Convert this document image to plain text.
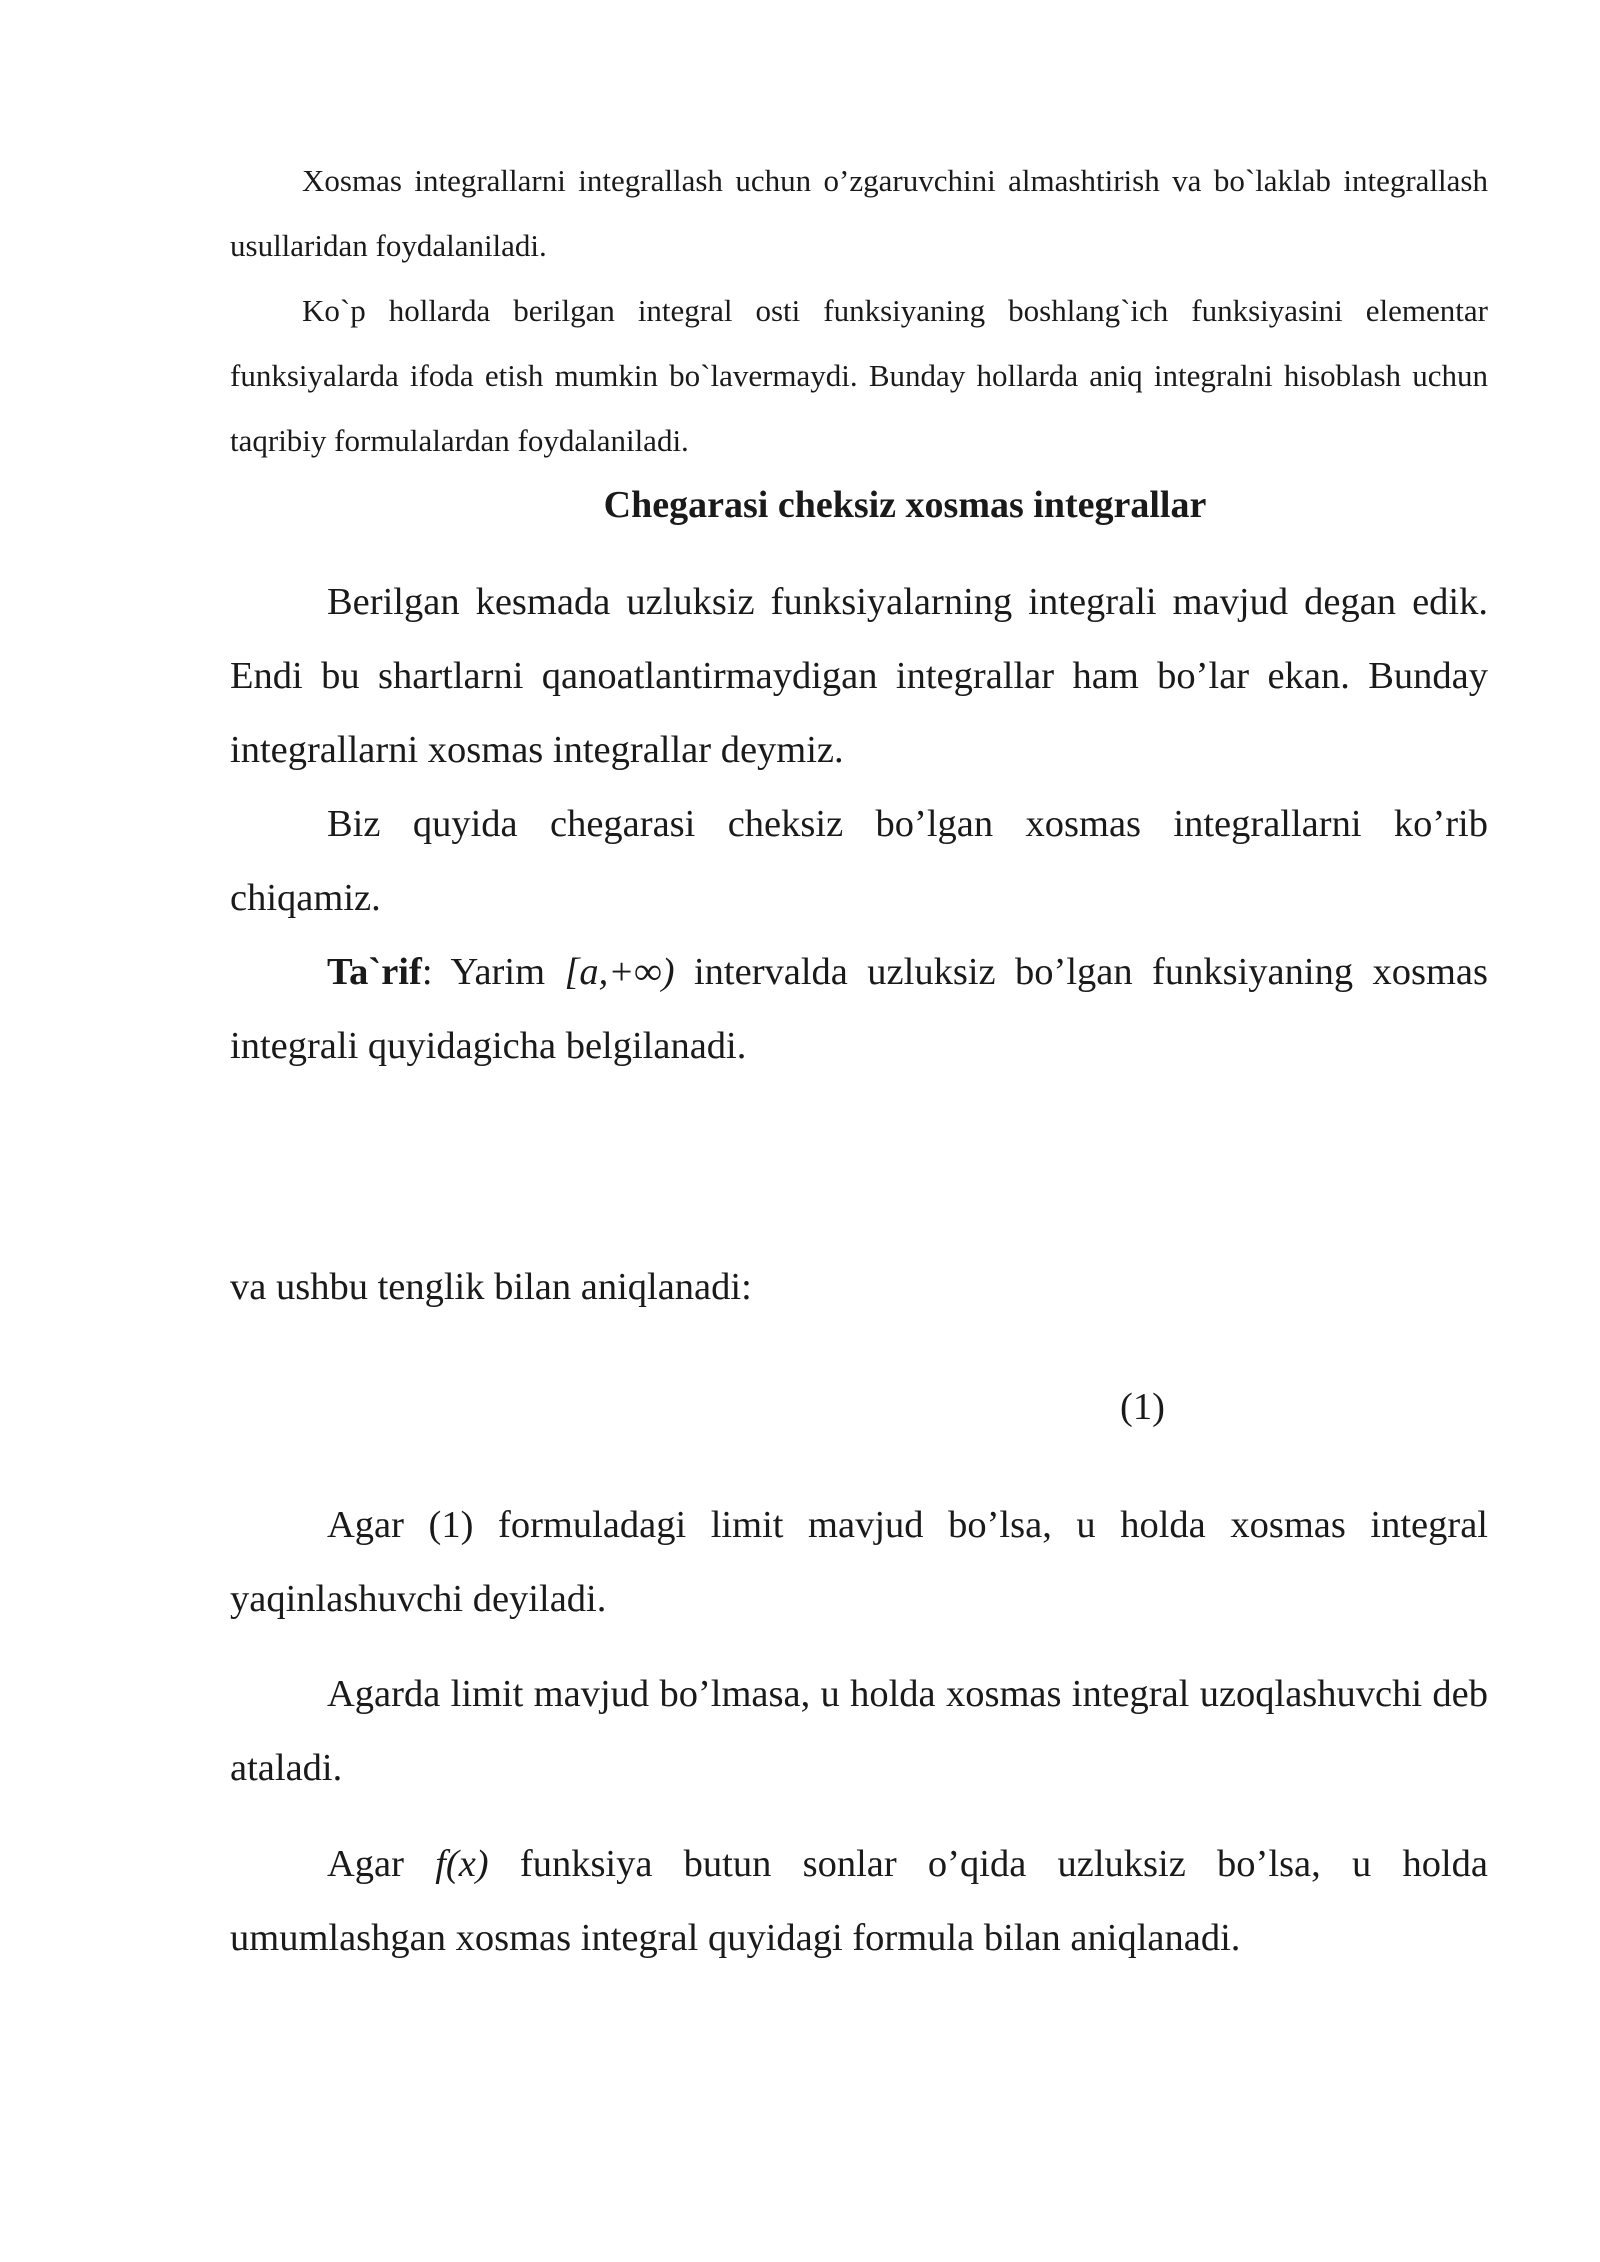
Xosmas integrallarni integrallash uchun o’zgaruvchini almashtirish va bo`laklab integrallash usullaridan foydalaniladi.

Ko`p hollarda berilgan integral osti funksiyaning boshlang`ich funksiyasini elementar funksiyalarda ifoda etish mumkin bo`lavermaydi. Bunday hollarda aniq integralni hisoblash uchun taqribiy formulalardan foydalaniladi.

Chegarasi cheksiz xosmas integrallar

Berilgan kesmada uzluksiz funksiyalarning integrali mavjud degan edik. Endi bu shartlarni qanoatlantirmaydigan integrallar ham bo’lar ekan. Bunday integrallarni xosmas integrallar deymiz.

Biz quyida chegarasi cheksiz bo’lgan xosmas integrallarni ko’rib chiqamiz.

Ta`rif: Yarim [a,+∞) intervalda uzluksiz bo’lgan funksiyaning xosmas integrali quyidagicha belgilanadi.

va ushbu tenglik bilan aniqlanadi:

(1)

Agar (1) formuladagi limit mavjud bo’lsa, u holda xosmas integral yaqinlashuvchi deyiladi.

Agarda limit mavjud bo’lmasa, u holda xosmas integral uzoqlashuvchi deb ataladi.

Agar f(x) funksiya butun sonlar o’qida uzluksiz bo’lsa, u holda umumlashgan xosmas integral quyidagi formula bilan aniqlanadi.
